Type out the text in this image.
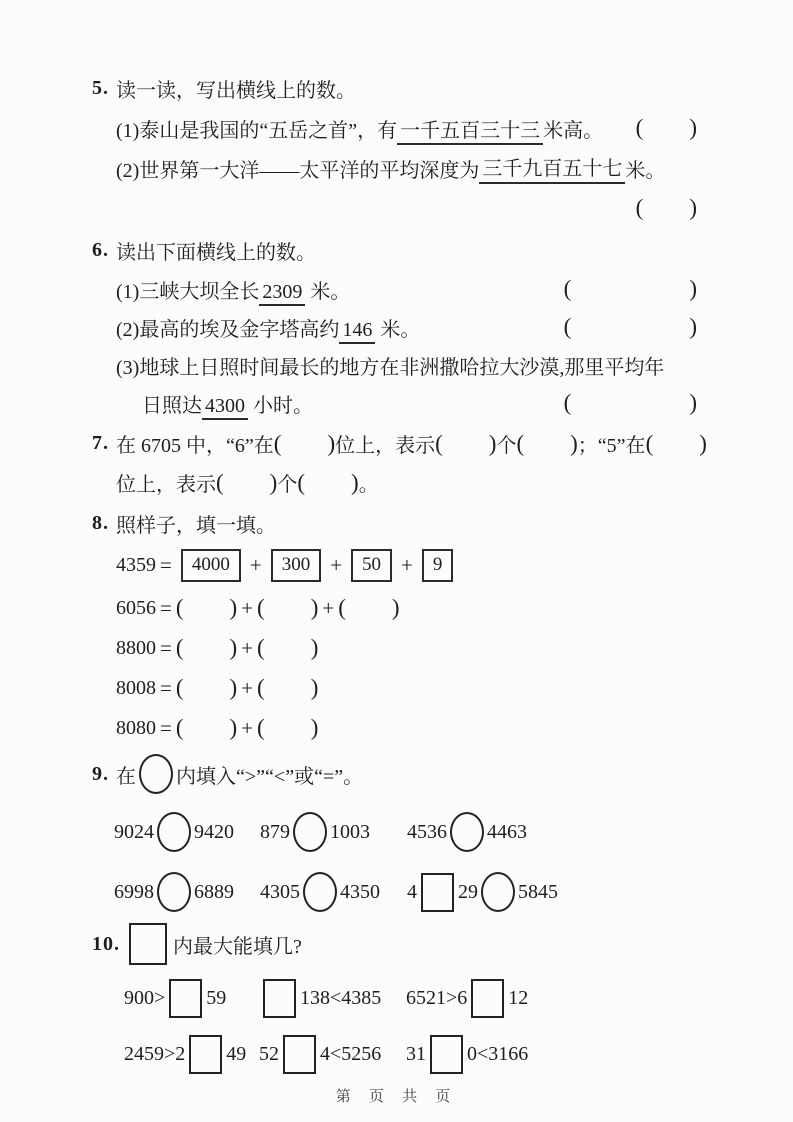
5. 读一读，写出横线上的数。
(1)泰山是我国的“五岳之首”，有 一千五百三十三 米高。 ( )
(2)世界第一大洋——太平洋的平均深度为 三千九百五十七 米。
( )
6. 读出下面横线上的数。
(1)三峡大坝全长 2309 米。	(	)
(2)最高的埃及金字塔高约 146 米。	(	)
(3)地球上日照时间最长的地方在非洲撒哈拉大沙漠,那里平均年
日照达 4300 小时。	(	)
7. 在 6705 中，“6”在 ( ) 位上，表示 ( ) 个 ( ) ；“5”在 ( )
位上，表示 ( ) 个 ( ) 。
8. 照样子，填一填。
4359 =	4000 +	300 +	50 +	9
6056 = ( ) + ( ) + ( )
8800 = ( ) + ( )
8008 = ( ) + ( )
8080 = ( ) + ( )
9. 在 内填入“>”“<”或“=”。
9024 9420 879 1003 4536 4463
6998 6889 4305 4350 4 29 5845
10.	内最大能填几?
900> 59	138<4385 6521>6 12
2459>2 49 52 4<5256 31 0<3166
第 页 共 页
